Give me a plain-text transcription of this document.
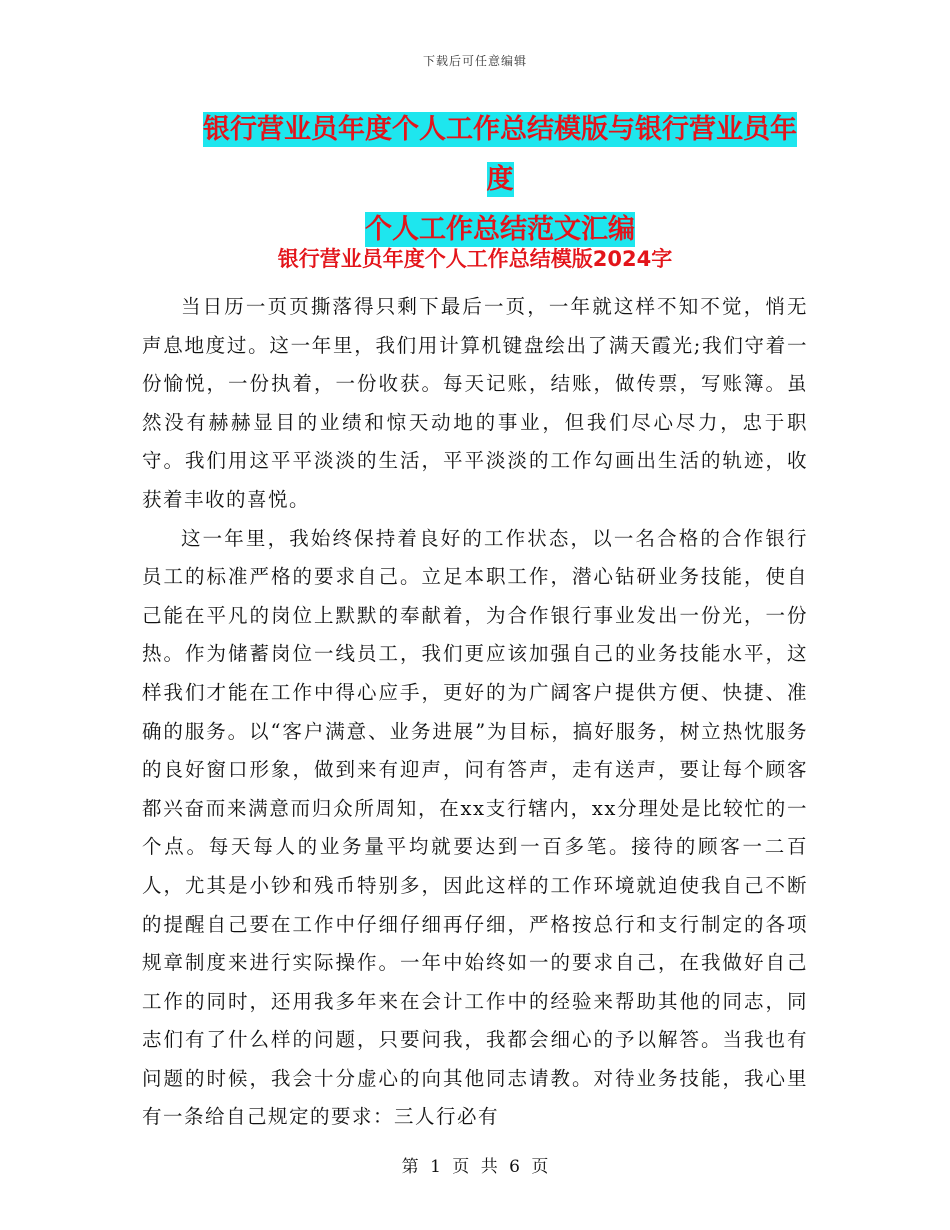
下载后可任意编辑
银行营业员年度个人工作总结模版与银行营业员年度
个人工作总结范文汇编
银行营业员年度个人工作总结模版2024字

当日历一页页撕落得只剩下最后一页，一年就这样不知不觉，悄无声息地度过。这一年里，我们用计算机键盘绘出了满天霞光;我们守着一份愉悦，一份执着，一份收获。每天记账，结账，做传票，写账簿。虽然没有赫赫显目的业绩和惊天动地的事业，但我们尽心尽力，忠于职守。我们用这平平淡淡的生活，平平淡淡的工作勾画出生活的轨迹，收获着丰收的喜悦。

这一年里，我始终保持着良好的工作状态，以一名合格的合作银行员工的标准严格的要求自己。立足本职工作，潜心钻研业务技能，使自己能在平凡的岗位上默默的奉献着，为合作银行事业发出一份光，一份热。作为储蓄岗位一线员工，我们更应该加强自己的业务技能水平，这样我们才能在工作中得心应手，更好的为广阔客户提供方便、快捷、准确的服务。以“客户满意、业务进展”为目标，搞好服务，树立热忱服务的良好窗口形象，做到来有迎声，问有答声，走有送声，要让每个顾客都兴奋而来满意而归众所周知，在xx支行辖内，xx分理处是比较忙的一个点。每天每人的业务量平均就要达到一百多笔。接待的顾客一二百人，尤其是小钞和残币特别多，因此这样的工作环境就迫使我自己不断的提醒自己要在工作中仔细仔细再仔细，严格按总行和支行制定的各项规章制度来进行实际操作。一年中始终如一的要求自己，在我做好自己工作的同时，还用我多年来在会计工作中的经验来帮助其他的同志，同志们有了什么样的问题，只要问我，我都会细心的予以解答。当我也有问题的时候，我会十分虚心的向其他同志请教。对待业务技能，我心里有一条给自己规定的要求：三人行必有

第 1 页 共 6 页
